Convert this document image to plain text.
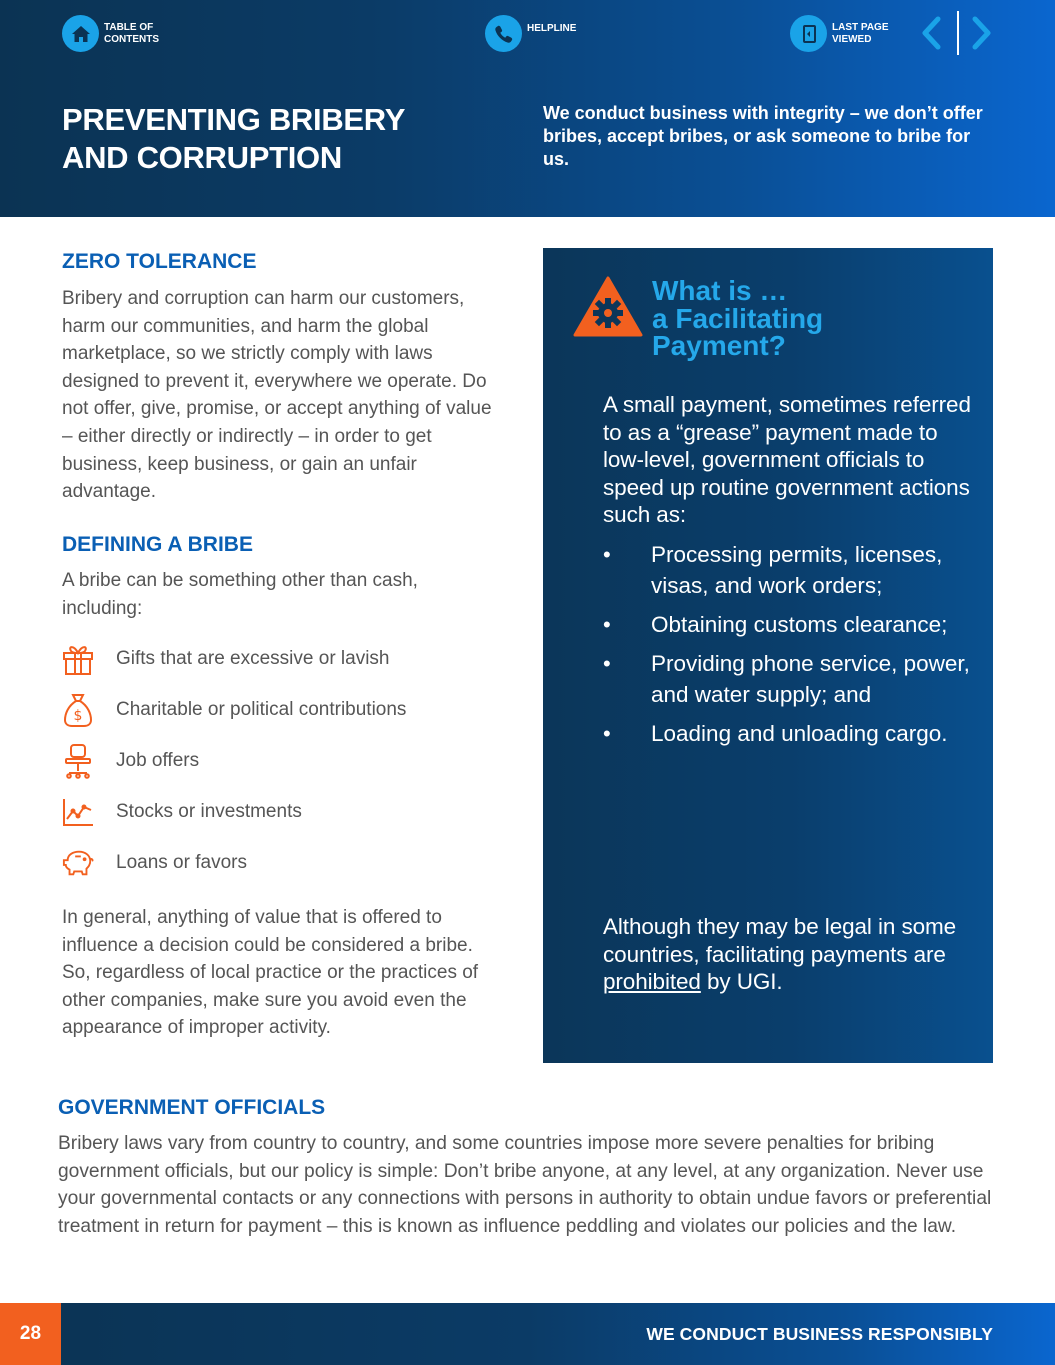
TABLE OF
CONTENTS
HELPLINE	LAST PAGE
VIEWED
PREVENTING BRIBERY
AND CORRUPTION

We conduct business with integrity – we don’t offer bribes, accept bribes, or ask someone to bribe for us.

ZERO TOLERANCE

Bribery and corruption can harm our customers, harm our communities, and harm the global marketplace, so we strictly comply with laws designed to prevent it, everywhere we operate. Do not offer, give, promise, or accept anything of value – either directly or indirectly – in order to get business, keep business, or gain an unfair advantage.

DEFINING A BRIBE

A bribe can be something other than cash, including:

Gifts that are excessive or lavish
$ Charitable or political contributions
Job offers
Stocks or investments
Loans or favors

In general, anything of value that is offered to influence a decision could be considered a bribe. So, regardless of local practice or the practices of other companies, make sure you avoid even the appearance of improper activity.

What is …
a Facilitating
Payment?

A small payment, sometimes referred to as a “grease” payment made to low-level, government officials to speed up routine government actions such as:

• Processing permits, licenses, visas, and work orders;
• Obtaining customs clearance;
• Providing phone service, power, and water supply; and
• Loading and unloading cargo.

Although they may be legal in some countries, facilitating payments are prohibited by UGI.

GOVERNMENT OFFICIALS

Bribery laws vary from country to country, and some countries impose more severe penalties for bribing government officials, but our policy is simple: Don’t bribe anyone, at any level, at any organization. Never use your governmental contacts or any connections with persons in authority to obtain undue favors or preferential treatment in return for payment – this is known as influence peddling and violates our policies and the law.

28	WE CONDUCT BUSINESS RESPONSIBLY
